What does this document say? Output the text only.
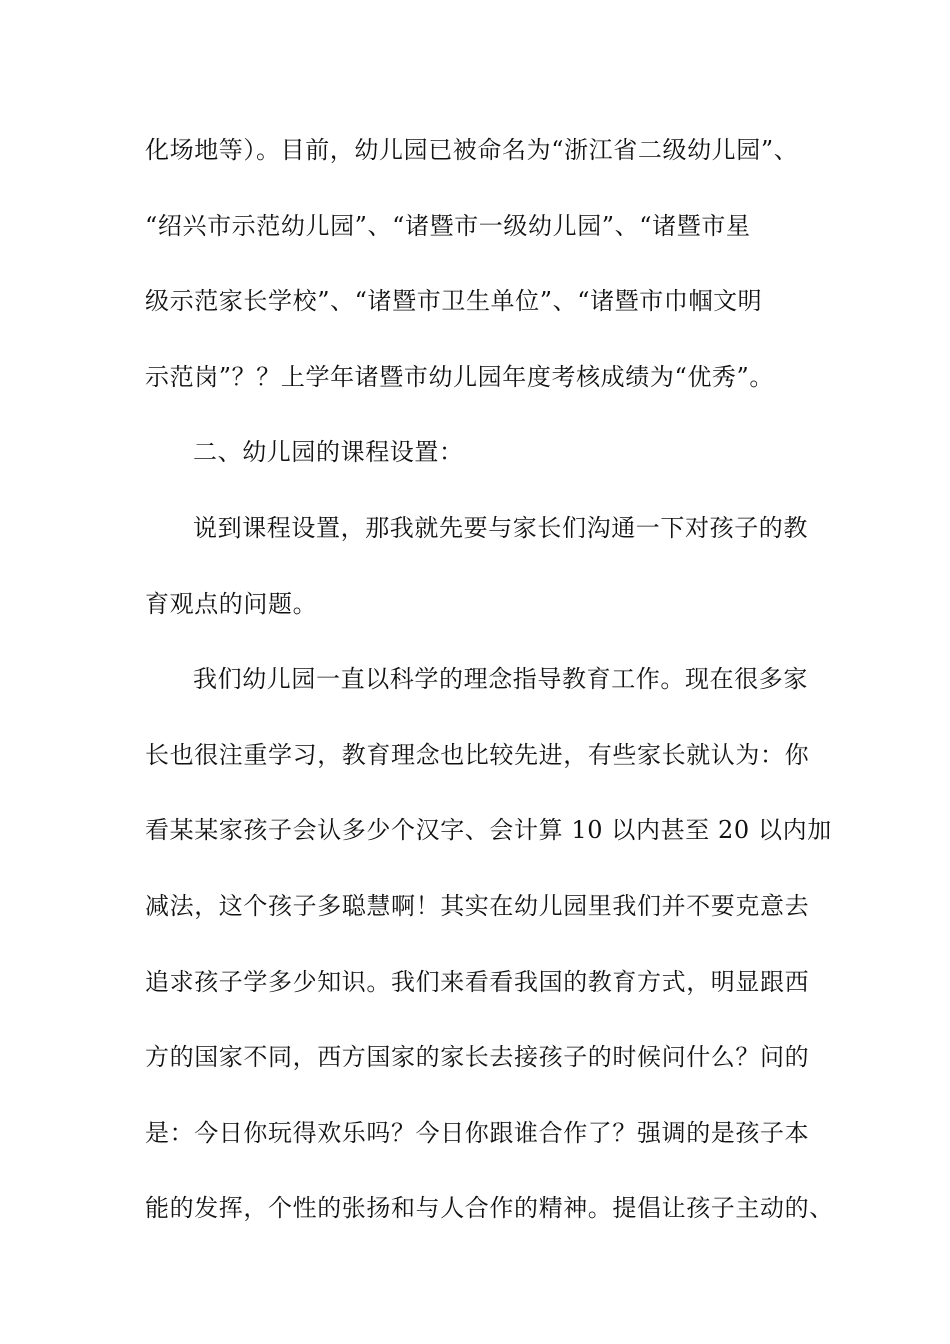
化场地等）。目前，幼儿园已被命名为“浙江省二级幼儿园”、
“绍兴市示范幼儿园”、“诸暨市一级幼儿园”、“诸暨市星
级示范家长学校”、“诸暨市卫生单位”、“诸暨市巾帼文明
示范岗”？？上学年诸暨市幼儿园年度考核成绩为“优秀”。
二、幼儿园的课程设置：
说到课程设置，那我就先要与家长们沟通一下对孩子的教
育观点的问题。
我们幼儿园一直以科学的理念指导教育工作。现在很多家
长也很注重学习，教育理念也比较先进，有些家长就认为：你
看某某家孩子会认多少个汉字、会计算 10 以内甚至 20 以内加
减法，这个孩子多聪慧啊！其实在幼儿园里我们并不要克意去
追求孩子学多少知识。我们来看看我国的教育方式，明显跟西
方的国家不同，西方国家的家长去接孩子的时候问什么？问的
是：今日你玩得欢乐吗？今日你跟谁合作了？强调的是孩子本
能的发挥，个性的张扬和与人合作的精神。提倡让孩子主动的、
